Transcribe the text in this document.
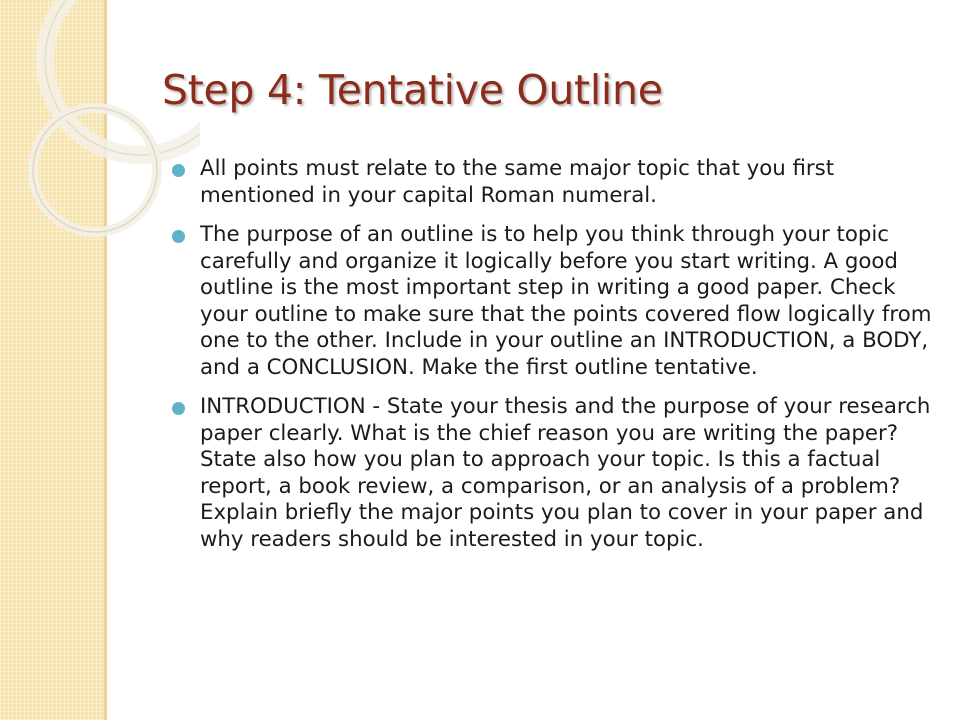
Step 4: Tentative Outline
All points must relate to the same major topic that you first mentioned in your capital Roman numeral.
The purpose of an outline is to help you think through your topic carefully and organize it logically before you start writing. A good outline is the most important step in writing a good paper. Check your outline to make sure that the points covered flow logically from one to the other. Include in your outline an INTRODUCTION, a BODY, and a CONCLUSION. Make the first outline tentative.
INTRODUCTION - State your thesis and the purpose of your research paper clearly. What is the chief reason you are writing the paper? State also how you plan to approach your topic. Is this a factual report, a book review, a comparison, or an analysis of a problem? Explain briefly the major points you plan to cover in your paper and why readers should be interested in your topic.
